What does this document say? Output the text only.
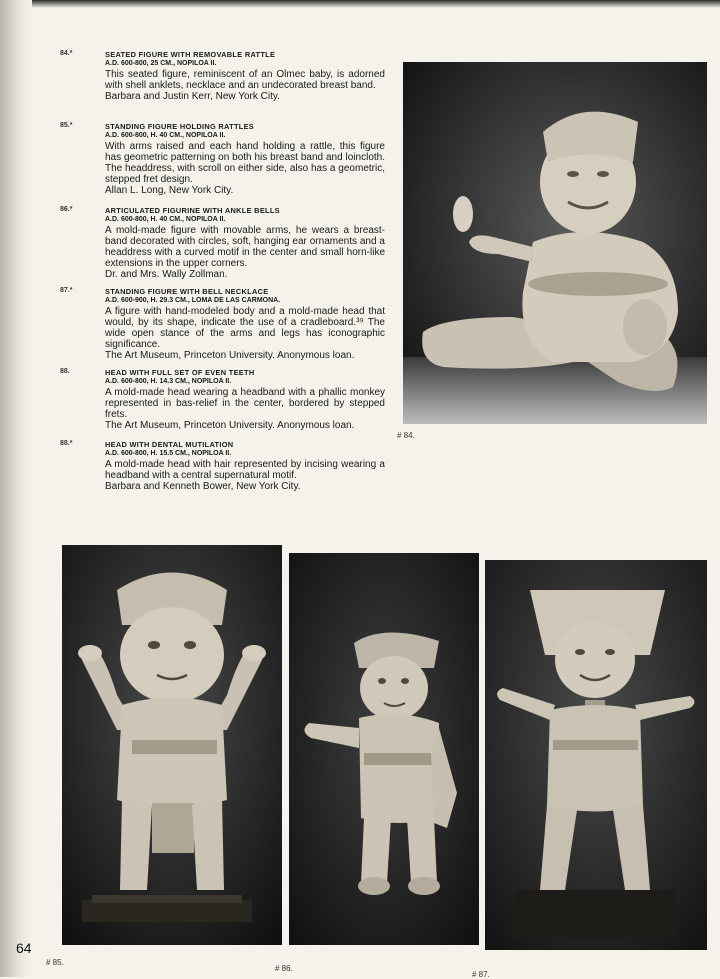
84.*	SEATED FIGURE WITH REMOVABLE RATTLE
A.D. 600-800, 25 CM., NOPILOA II.
This seated figure, reminiscent of an Olmec baby, is adorned with shell anklets, necklace and an undecorated breast band.
Barbara and Justin Kerr, New York City.
85.*	STANDING FIGURE HOLDING RATTLES
A.D. 600-800, H. 40 CM., NOPILOA II.
With arms raised and each hand holding a rattle, this figure has geometric patterning on both his breast band and loincloth. The headdress, with scroll on either side, also has a geometric, stepped fret design.
Allan L. Long, New York City.
86.*	ARTICULATED FIGURINE WITH ANKLE BELLS
A.D. 600-800, H. 40 CM., NOPILOA II.
A mold-made figure with movable arms, he wears a breast-band decorated with circles, soft, hanging ear ornaments and a headdress with a curved motif in the center and small horn-like extensions in the upper corners.
Dr. and Mrs. Wally Zollman.
87.*	STANDING FIGURE WITH BELL NECKLACE
A.D. 600-900, H. 29.3 CM., LOMA DE LAS CARMONA.
A figure with hand-modeled body and a mold-made head that would, by its shape, indicate the use of a cradleboard.³⁹ The wide open stance of the arms and legs has iconographic significance.
The Art Museum, Princeton University. Anonymous loan.
88.	HEAD WITH FULL SET OF EVEN TEETH
A.D. 600-800, H. 14.3 CM., NOPILOA II.
A mold-made head wearing a headband with a phallic monkey represented in bas-relief in the center, bordered by stepped frets.
The Art Museum, Princeton University. Anonymous loan.
88.*	HEAD WITH DENTAL MUTILATION
A.D. 600-800, H. 15.5 CM., NOPILOA II.
A mold-made head with hair represented by incising wearing a headband with a central supernatural motif.
Barbara and Kenneth Bower, New York City.
# 84.
# 85.
# 86.
# 87.
64
